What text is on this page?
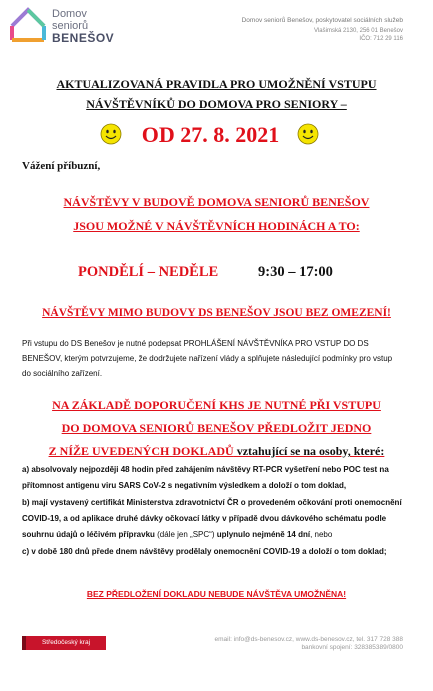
Domov
seniorů
BENEŠOV
Domov seniorů Benešov, poskytovatel sociálních služeb
Vlašimská 2130, 256 01 Benešov
IČO: 712 29 116
AKTUALIZOVANÁ PRAVIDLA PRO UMOŽNĚNÍ VSTUPU
NÁVŠTĚVNÍKŮ DO DOMOVA PRO SENIORY –
OD 27. 8. 2021
Vážení příbuzní,
NÁVŠTĚVY V BUDOVĚ DOMOVA SENIORŮ BENEŠOV
JSOU MOŽNÉ V NÁVŠTĚVNÍCH HODINÁCH A TO:
PONDĚLÍ – NEDĚLE	9:30 – 17:00
NÁVŠTĚVY MIMO BUDOVY DS BENEŠOV JSOU BEZ OMEZENÍ!
Při vstupu do DS Benešov je nutné podepsat PROHLÁŠENÍ NÁVŠTĚVNÍKA PRO VSTUP DO DS BENEŠOV, kterým potvrzujeme, že dodržujete nařízení vlády a splňujete následující podmínky pro vstup do sociálního zařízení.
NA ZÁKLADĚ DOPORUČENÍ KHS JE NUTNÉ PŘI VSTUPU
DO DOMOVA SENIORŮ BENEŠOV PŘEDLOŽIT JEDNO
Z NÍŽE UVEDENÝCH DOKLADŮ vztahující se na osoby, které:

a) absolvovaly nejpozději 48 hodin před zahájením návštěvy RT-PCR vyšetření nebo POC test na přítomnost antigenu viru SARS CoV-2 s negativním výsledkem a doloží o tom doklad,

b) mají vystavený certifikát Ministerstva zdravotnictví ČR o provedeném očkování proti onemocnění COVID-19, a od aplikace druhé dávky očkovací látky v případě dvou dávkového schématu podle souhrnu údajů o léčivém přípravku (dále jen „SPC“) uplynulo nejméně 14 dní, nebo

c) v době 180 dnů přede dnem návštěvy prodělaly onemocnění COVID-19 a doloží o tom doklad;

BEZ PŘEDLOŽENÍ DOKLADU NEBUDE NÁVŠTĚVA UMOŽNĚNA!
Středočeský kraj	email: info@ds-benesov.cz, www.ds-benesov.cz, tel. 317 728 388
bankovní spojení: 328385389/0800
